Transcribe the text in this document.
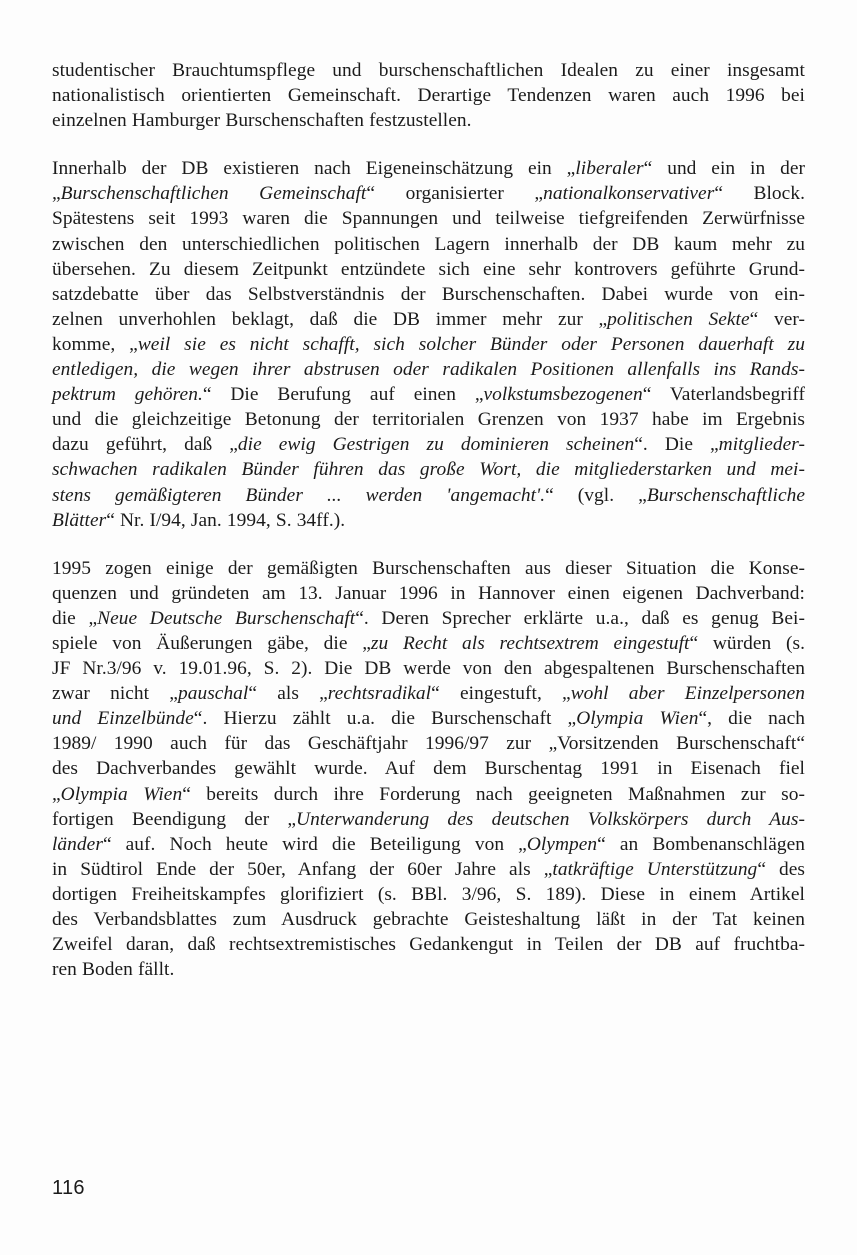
studentischer Brauchtumspflege und burschenschaftlichen Idealen zu einer insgesamt
nationalistisch orientierten Gemeinschaft. Derartige Tendenzen waren auch 1996 bei
einzelnen Hamburger Burschenschaften festzustellen.

Innerhalb der DB existieren nach Eigeneinschätzung ein „liberaler“ und ein in der
„Burschenschaftlichen  Gemeinschaft“  organisierter  „nationalkonservativer“  Block.
Spätestens seit 1993 waren die Spannungen und teilweise tiefgreifenden Zerwürfnisse
zwischen den unterschiedlichen politischen Lagern innerhalb der DB kaum mehr zu
übersehen. Zu diesem Zeitpunkt entzündete sich eine sehr kontrovers geführte Grund-
satzdebatte über das Selbstverständnis der Burschenschaften. Dabei wurde von ein-
zelnen unverhohlen beklagt, daß die DB immer mehr zur „politischen Sekte“ ver-
komme, „weil sie es nicht schafft, sich solcher Bünder oder Personen dauerhaft zu
entledigen, die wegen ihrer abstrusen oder radikalen Positionen allenfalls ins Rands-
pektrum gehören.“ Die Berufung auf einen „volkstumsbezogenen“ Vaterlandsbegriff
und die gleichzeitige Betonung der territorialen Grenzen von 1937 habe im Ergebnis
dazu geführt, daß „die ewig Gestrigen zu dominieren scheinen“. Die „mitglieder-
schwachen radikalen Bünder führen das große Wort, die mitgliederstarken und mei-
stens  gemäßigteren  Bünder  ...  werden  'angemacht'.“  (vgl.  „Burschenschaftliche
Blätter“ Nr. I/94, Jan. 1994, S. 34ff.).

1995 zogen einige der gemäßigten Burschenschaften aus dieser Situation die Konse-
quenzen und gründeten am 13. Januar 1996 in Hannover einen eigenen Dachverband:
die „Neue Deutsche Burschenschaft“. Deren Sprecher erklärte u.a., daß es genug Bei-
spiele von Äußerungen gäbe, die „zu Recht als rechtsextrem eingestuft“ würden (s.
JF Nr.3/96 v. 19.01.96, S. 2). Die DB werde von den abgespaltenen Burschenschaften
zwar nicht „pauschal“ als „rechtsradikal“ eingestuft, „wohl aber Einzelpersonen
und Einzelbünde“. Hierzu zählt u.a. die Burschenschaft „Olympia Wien“, die nach
1989/ 1990 auch für das Geschäftjahr 1996/97 zur „Vorsitzenden Burschenschaft“
des Dachverbandes gewählt wurde. Auf dem Burschentag 1991 in Eisenach fiel
„Olympia Wien“ bereits durch ihre Forderung nach geeigneten Maßnahmen zur so-
fortigen Beendigung der „Unterwanderung des deutschen Volkskörpers durch Aus-
länder“ auf. Noch heute wird die Beteiligung von „Olympen“ an Bombenanschlägen
in Südtirol Ende der 50er, Anfang der 60er Jahre als „tatkräftige Unterstützung“ des
dortigen Freiheitskampfes glorifiziert (s. BBl. 3/96, S. 189). Diese in einem Artikel
des Verbandsblattes zum Ausdruck gebrachte Geisteshaltung läßt in der Tat keinen
Zweifel daran, daß rechtsextremistisches Gedankengut in Teilen der DB auf fruchtba-
ren Boden fällt.

116
